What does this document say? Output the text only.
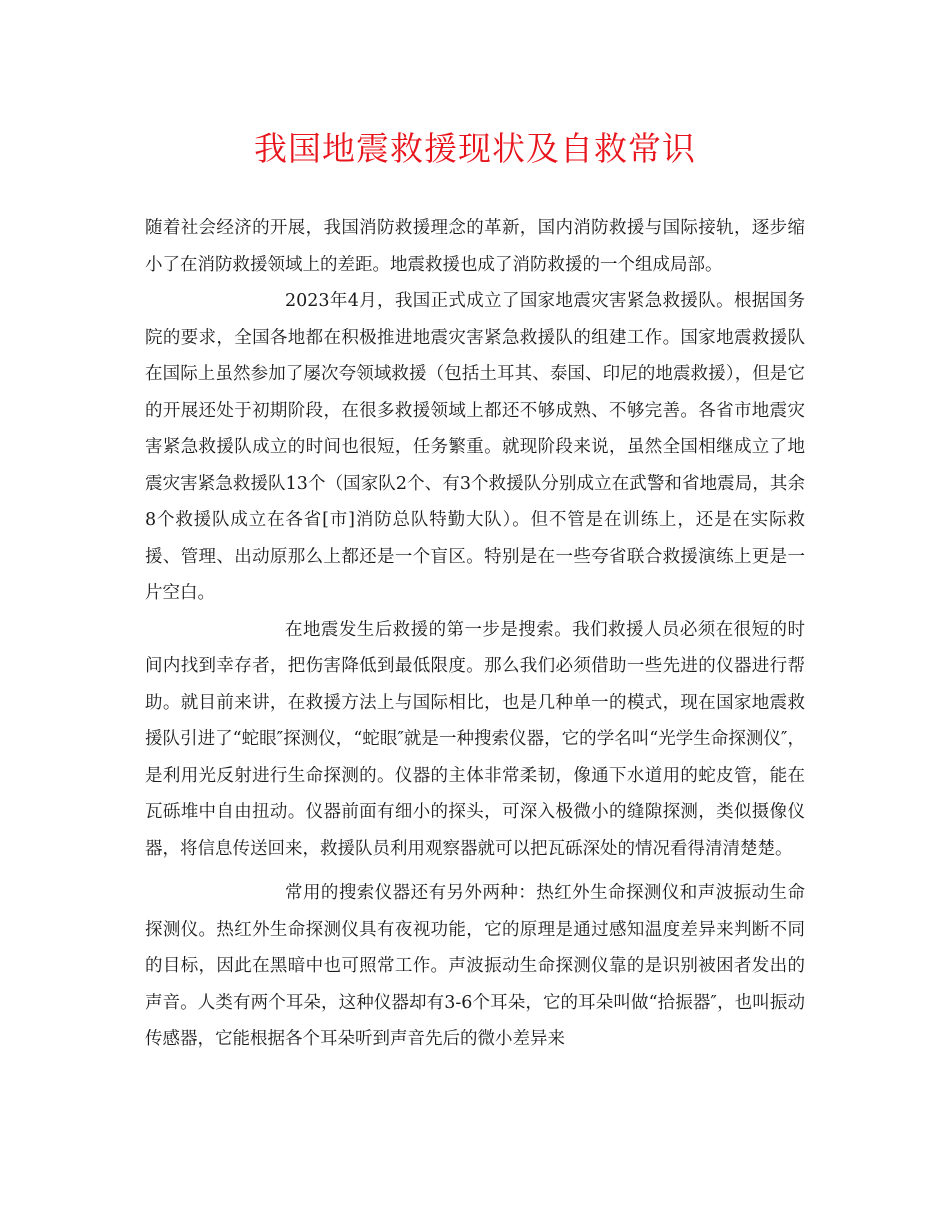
我国地震救援现状及自救常识

随着社会经济的开展，我国消防救援理念的革新，国内消防救援与国际接轨，逐步缩小了在消防救援领域上的差距。地震救援也成了消防救援的一个组成局部。

2023年4月，我国正式成立了国家地震灾害紧急救援队。根据国务院的要求，全国各地都在积极推进地震灾害紧急救援队的组建工作。国家地震救援队在国际上虽然参加了屡次夸领域救援（包括土耳其、泰国、印尼的地震救援），但是它的开展还处于初期阶段，在很多救援领域上都还不够成熟、不够完善。各省市地震灾害紧急救援队成立的时间也很短，任务繁重。就现阶段来说，虽然全国相继成立了地震灾害紧急救援队13个（国家队2个、有3个救援队分别成立在武警和省地震局，其余8个救援队成立在各省[市]消防总队特勤大队）。但不管是在训练上，还是在实际救援、管理、出动原那么上都还是一个盲区。特别是在一些夸省联合救援演练上更是一片空白。

在地震发生后救援的第一步是搜索。我们救援人员必须在很短的时间内找到幸存者，把伤害降低到最低限度。那么我们必须借助一些先进的仪器进行帮助。就目前来讲，在救援方法上与国际相比，也是几种单一的模式，现在国家地震救援队引进了“蛇眼″探测仪，“蛇眼″就是一种搜索仪器，它的学名叫“光学生命探测仪″，是利用光反射进行生命探测的。仪器的主体非常柔韧，像通下水道用的蛇皮管，能在瓦砾堆中自由扭动。仪器前面有细小的探头，可深入极微小的缝隙探测，类似摄像仪器，将信息传送回来，救援队员利用观察器就可以把瓦砾深处的情况看得清清楚楚。

常用的搜索仪器还有另外两种：热红外生命探测仪和声波振动生命探测仪。热红外生命探测仪具有夜视功能，它的原理是通过感知温度差异来判断不同的目标，因此在黑暗中也可照常工作。声波振动生命探测仪靠的是识别被困者发出的声音。人类有两个耳朵，这种仪器却有3-6个耳朵，它的耳朵叫做“拾振器″，也叫振动传感器，它能根据各个耳朵听到声音先后的微小差异来
